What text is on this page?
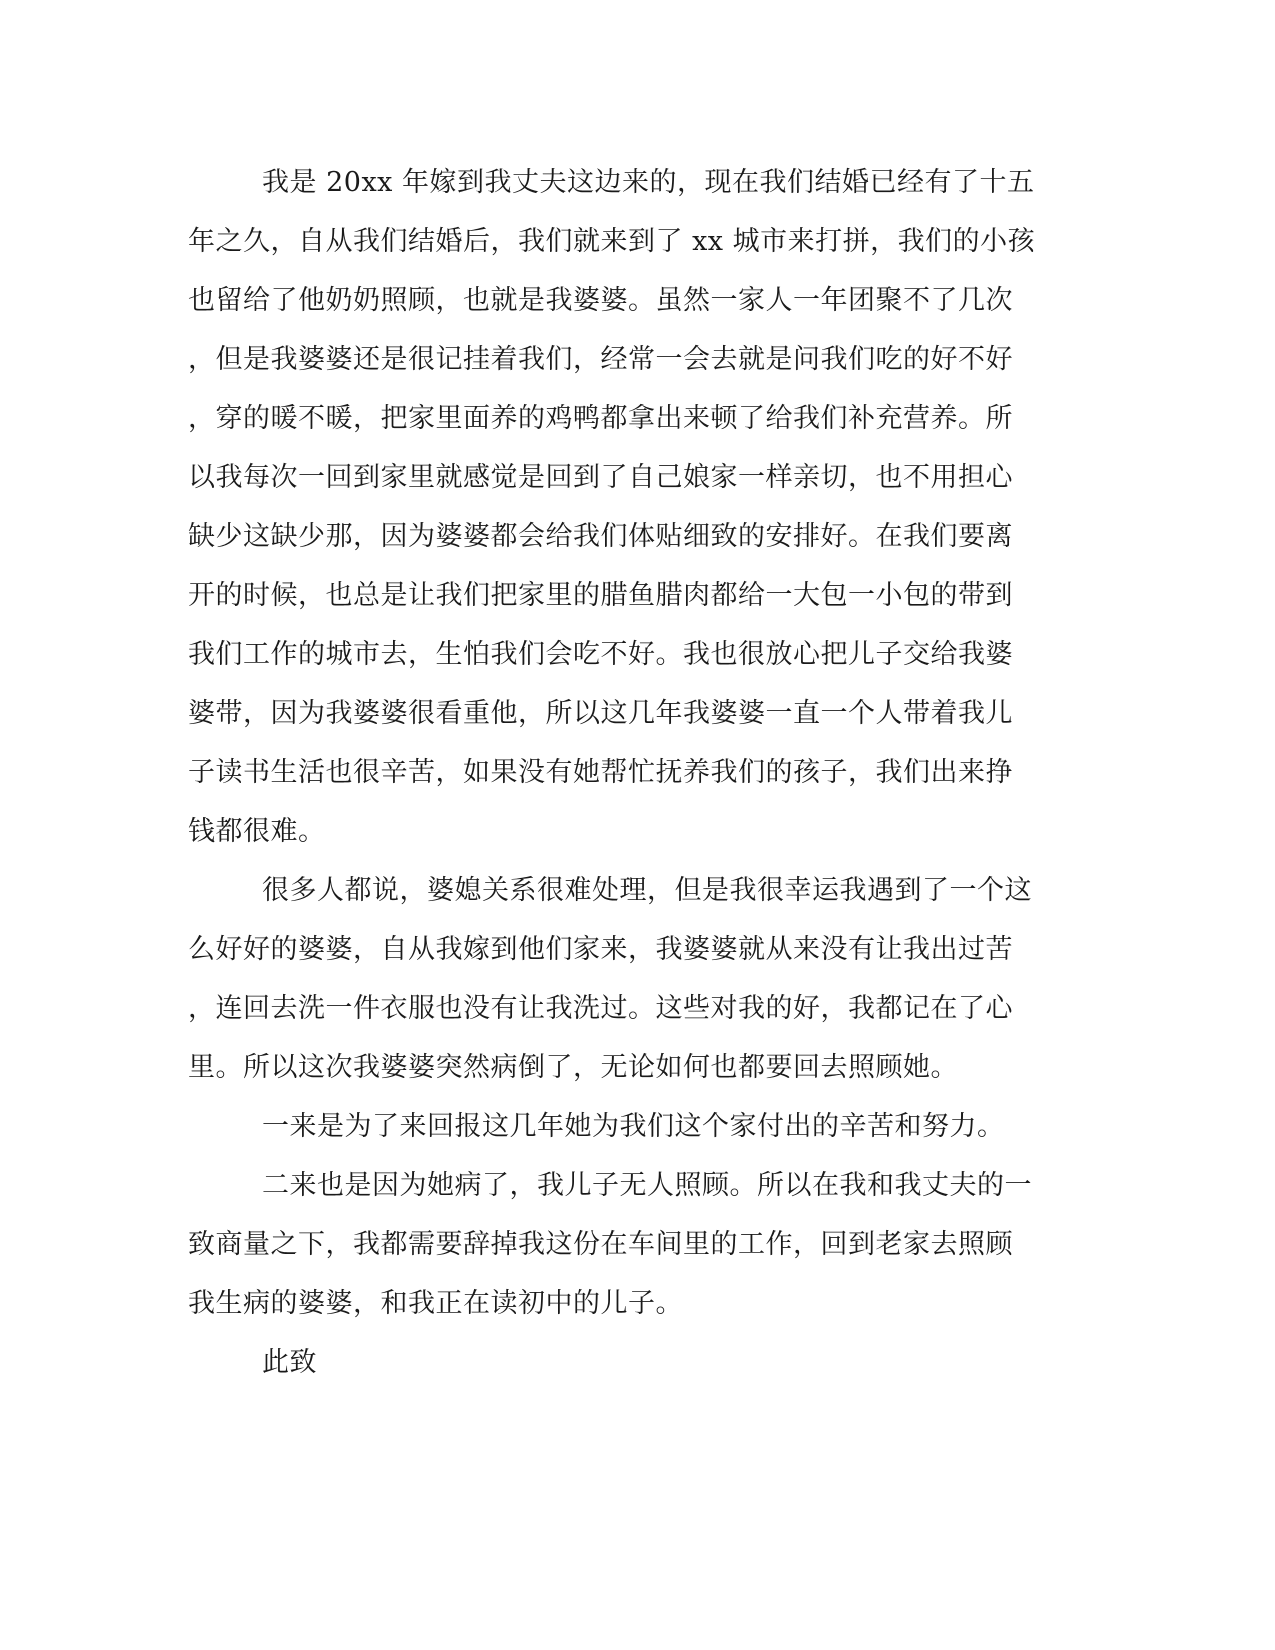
我是 20xx 年嫁到我丈夫这边来的，现在我们结婚已经有了十五
年之久，自从我们结婚后，我们就来到了 xx 城市来打拼，我们的小孩
也留给了他奶奶照顾，也就是我婆婆。虽然一家人一年团聚不了几次
，但是我婆婆还是很记挂着我们，经常一会去就是问我们吃的好不好
，穿的暖不暖，把家里面养的鸡鸭都拿出来顿了给我们补充营养。所
以我每次一回到家里就感觉是回到了自己娘家一样亲切，也不用担心
缺少这缺少那，因为婆婆都会给我们体贴细致的安排好。在我们要离
开的时候，也总是让我们把家里的腊鱼腊肉都给一大包一小包的带到
我们工作的城市去，生怕我们会吃不好。我也很放心把儿子交给我婆
婆带，因为我婆婆很看重他，所以这几年我婆婆一直一个人带着我儿
子读书生活也很辛苦，如果没有她帮忙抚养我们的孩子，我们出来挣
钱都很难。
很多人都说，婆媳关系很难处理，但是我很幸运我遇到了一个这
么好好的婆婆，自从我嫁到他们家来，我婆婆就从来没有让我出过苦
，连回去洗一件衣服也没有让我洗过。这些对我的好，我都记在了心
里。所以这次我婆婆突然病倒了，无论如何也都要回去照顾她。
一来是为了来回报这几年她为我们这个家付出的辛苦和努力。
二来也是因为她病了，我儿子无人照顾。所以在我和我丈夫的一
致商量之下，我都需要辞掉我这份在车间里的工作，回到老家去照顾
我生病的婆婆，和我正在读初中的儿子。
此致
